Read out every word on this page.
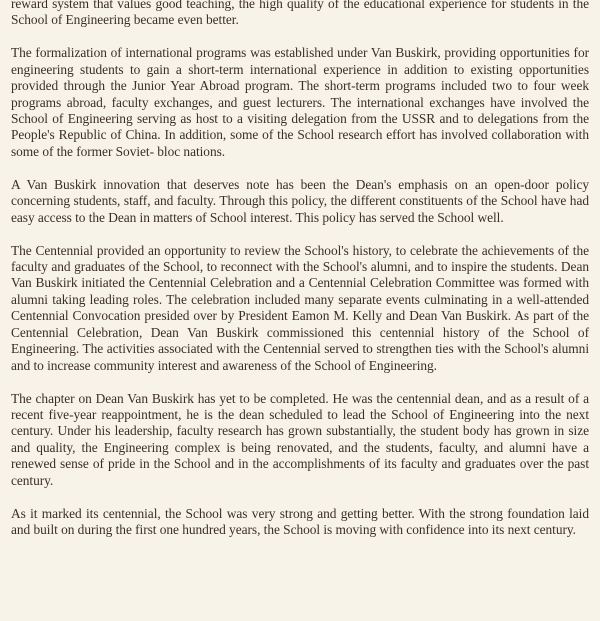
reward system that values good teaching, the high quality of the educational experience for students in the School of Engineering became even better.

The formalization of international programs was established under Van Buskirk, providing opportunities for engineering students to gain a short-term international experience in addition to existing opportunities provided through the Junior Year Abroad program. The short-term programs included two to four week programs abroad, faculty exchanges, and guest lecturers. The international exchanges have involved the School of Engineering serving as host to a visiting delegation from the USSR and to delegations from the People's Republic of China. In addition, some of the School research effort has involved collaboration with some of the former Soviet- bloc nations.

A Van Buskirk innovation that deserves note has been the Dean's emphasis on an open-door policy concerning students, staff, and faculty. Through this policy, the different constituents of the School have had easy access to the Dean in matters of School interest. This policy has served the School well.

The Centennial provided an opportunity to review the School's history, to celebrate the achievements of the faculty and graduates of the School, to reconnect with the School's alumni, and to inspire the students. Dean Van Buskirk initiated the Centennial Celebration and a Centennial Celebration Committee was formed with alumni taking leading roles. The celebration included many separate events culminating in a well-attended Centennial Convocation presided over by President Eamon M. Kelly and Dean Van Buskirk. As part of the Centennial Celebration, Dean Van Buskirk commissioned this centennial history of the School of Engineering. The activities associated with the Centennial served to strengthen ties with the School's alumni and to increase community interest and awareness of the School of Engineering.

The chapter on Dean Van Buskirk has yet to be completed. He was the centennial dean, and as a result of a recent five-year reappointment, he is the dean scheduled to lead the School of Engineering into the next century. Under his leadership, faculty research has grown substantially, the student body has grown in size and quality, the Engineering complex is being renovated, and the students, faculty, and alumni have a renewed sense of pride in the School and in the accomplishments of its faculty and graduates over the past century.

As it marked its centennial, the School was very strong and getting better. With the strong foundation laid and built on during the first one hundred years, the School is moving with confidence into its next century.
